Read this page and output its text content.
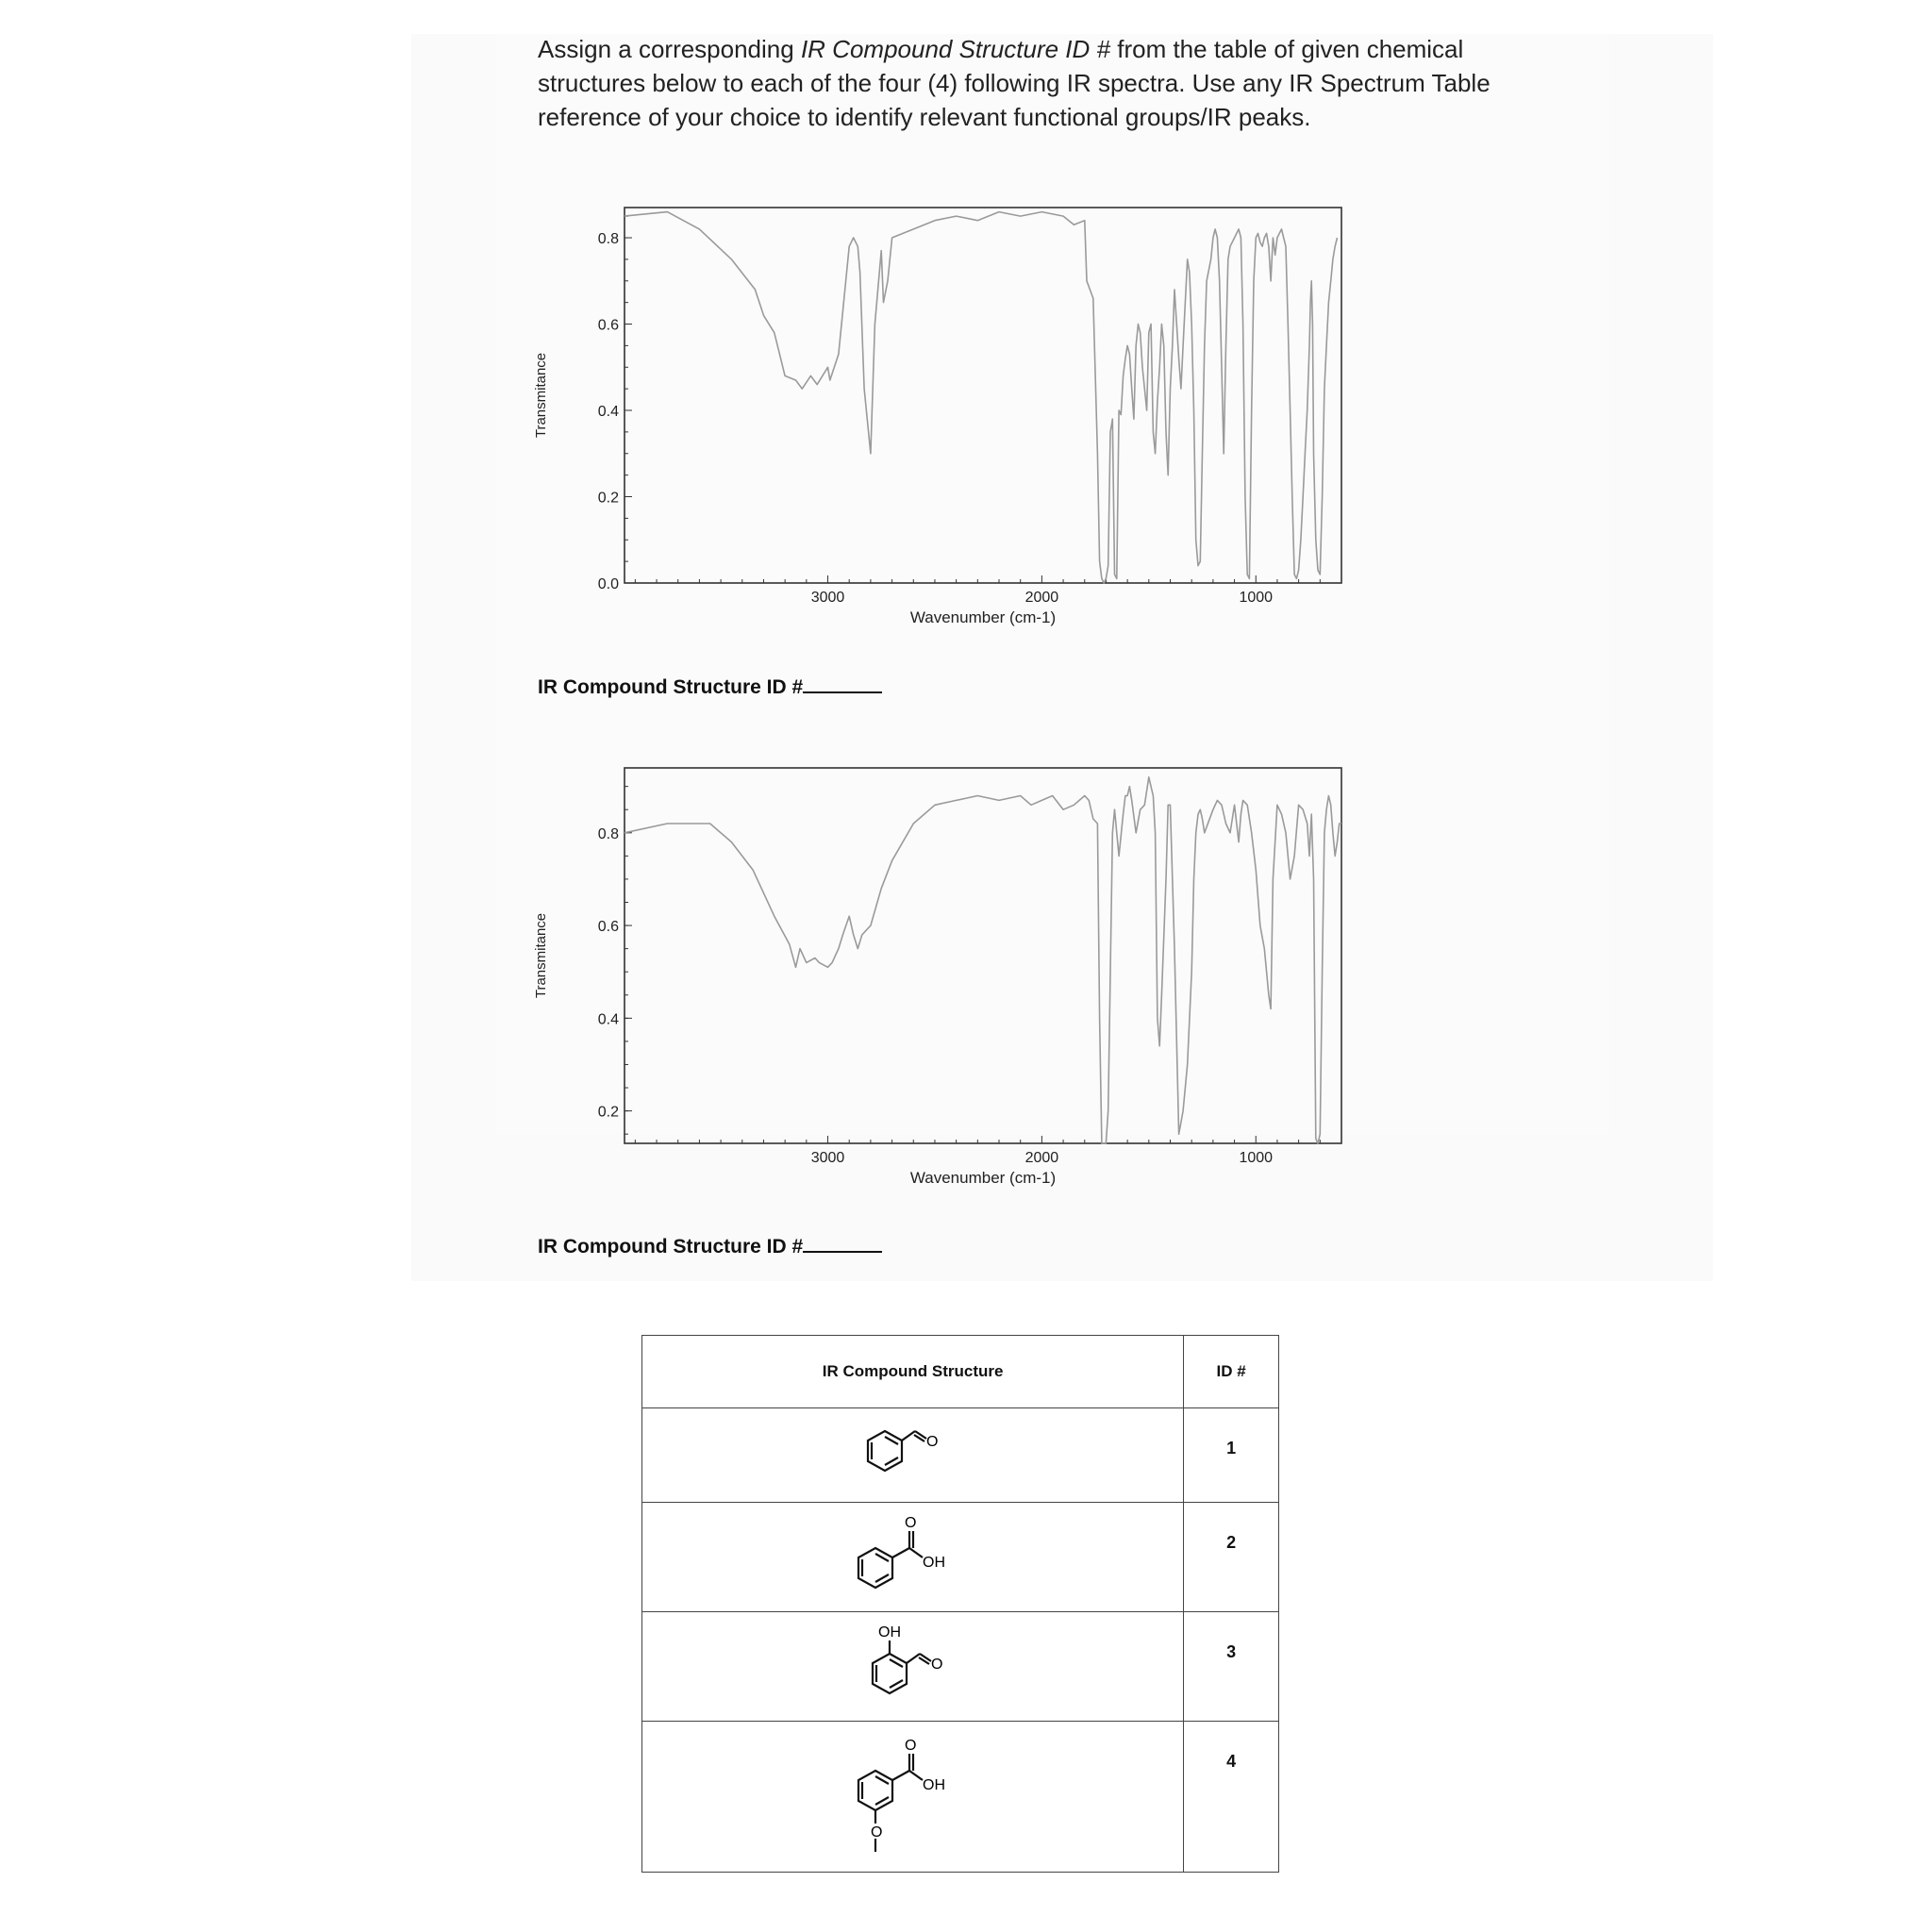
Assign a corresponding IR Compound Structure ID # from the table of given chemical structures below to each of the four (4) following IR spectra. Use any IR Spectrum Table reference of your choice to identify relevant functional groups/IR peaks.

3000	2000	1000
0.0
0.2
0.4
0.6
0.8
Wavenumber (cm-1)
Transmitance
IR Compound Structure ID #
3000	2000	1000
0.2
0.4
0.6
0.8
Wavenumber (cm-1)
Transmitance
IR Compound Structure ID #
IR Compound Structure	ID #

O	1

O
OH	2

OH
O	3

O
OH
O	4
